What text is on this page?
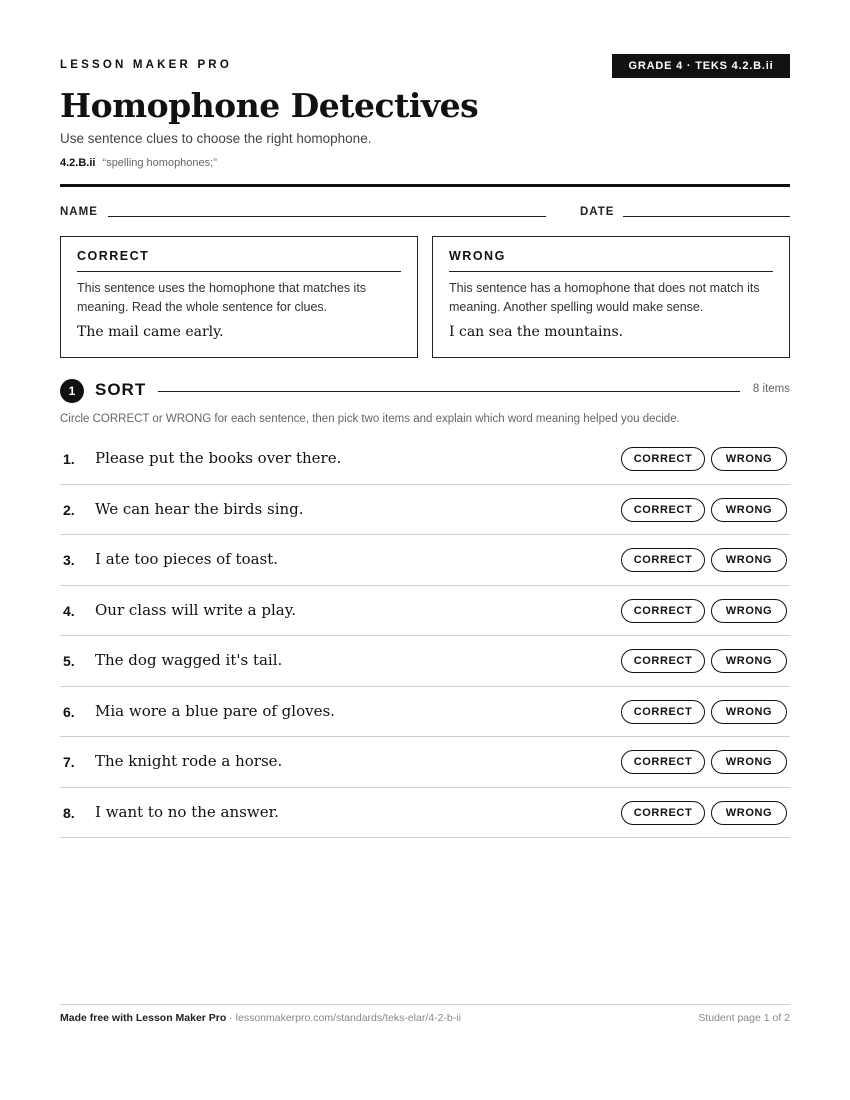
LESSON MAKER PRO	GRADE 4 · TEKS 4.2.B.ii
Homophone Detectives
Use sentence clues to choose the right homophone.
4.2.B.ii “spelling homophones;”
NAME	DATE
CORRECT
This sentence uses the homophone that matches its meaning. Read the whole sentence for clues.
The mail came early.
WRONG
This sentence has a homophone that does not match its meaning. Another spelling would make sense.
I can sea the mountains.
1	SORT	8 items
Circle CORRECT or WRONG for each sentence, then pick two items and explain which word meaning helped you decide.
1. Please put the books over there.	CORRECT	WRONG
2. We can hear the birds sing.	CORRECT	WRONG
3. I ate too pieces of toast.	CORRECT	WRONG
4. Our class will write a play.	CORRECT	WRONG
5. The dog wagged it's tail.	CORRECT	WRONG
6. Mia wore a blue pare of gloves.	CORRECT	WRONG
7. The knight rode a horse.	CORRECT	WRONG
8. I want to no the answer.	CORRECT	WRONG
Made free with Lesson Maker Pro · lessonmakerpro.com/standards/teks-elar/4-2-b-ii	Student page 1 of 2
